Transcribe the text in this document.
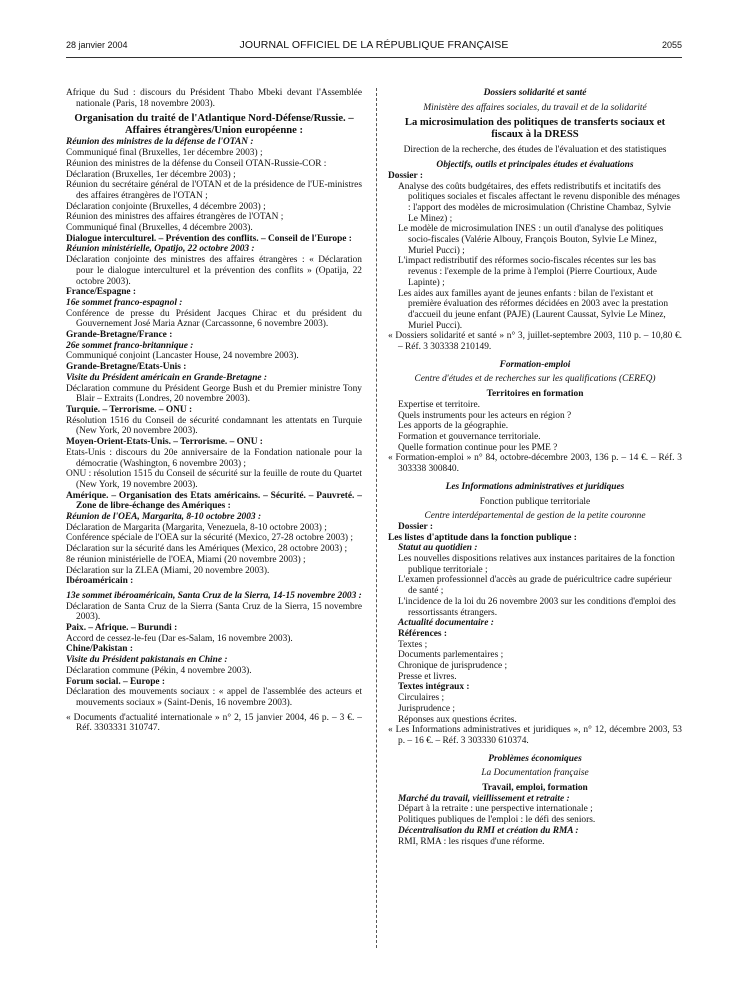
28 janvier 2004	JOURNAL OFFICIEL DE LA RÉPUBLIQUE FRANÇAISE	2055
Afrique du Sud : discours du Président Thabo Mbeki devant l'Assemblée nationale (Paris, 18 novembre 2003).
Organisation du traité de l'Atlantique Nord-Défense/Russie. – Affaires étrangères/Union européenne :
Réunion des ministres de la défense de l'OTAN :
Communiqué final (Bruxelles, 1er décembre 2003) ;
Réunion des ministres de la défense du Conseil OTAN-Russie-COR :
Déclaration (Bruxelles, 1er décembre 2003) ;
Réunion du secrétaire général de l'OTAN et de la présidence de l'UE-ministres des affaires étrangères de l'OTAN ;
Déclaration conjointe (Bruxelles, 4 décembre 2003) ;
Réunion des ministres des affaires étrangères de l'OTAN ;
Communiqué final (Bruxelles, 4 décembre 2003).
Dialogue interculturel. – Prévention des conflits. – Conseil de l'Europe :
Réunion ministérielle, Opatijo, 22 octobre 2003 :
Déclaration conjointe des ministres des affaires étrangères : « Déclaration pour le dialogue interculturel et la prévention des conflits » (Opatija, 22 octobre 2003).
France/Espagne :
16e sommet franco-espagnol :
Conférence de presse du Président Jacques Chirac et du président du Gouvernement José Maria Aznar (Carcassonne, 6 novembre 2003).
Grande-Bretagne/France :
26e sommet franco-britannique :
Communiqué conjoint (Lancaster House, 24 novembre 2003).
Grande-Bretagne/Etats-Unis :
Visite du Président américain en Grande-Bretagne :
Déclaration commune du Président George Bush et du Premier ministre Tony Blair – Extraits (Londres, 20 novembre 2003).
Turquie. – Terrorisme. – ONU :
Résolution 1516 du Conseil de sécurité condamnant les attentats en Turquie (New York, 20 novembre 2003).
Moyen-Orient-Etats-Unis. – Terrorisme. – ONU :
Etats-Unis : discours du 20e anniversaire de la Fondation nationale pour la démocratie (Washington, 6 novembre 2003) ;
ONU : résolution 1515 du Conseil de sécurité sur la feuille de route du Quartet (New York, 19 novembre 2003).
Amérique. – Organisation des Etats américains. – Sécurité. – Pauvreté. – Zone de libre-échange des Amériques :
Réunion de l'OEA, Margarita, 8-10 octobre 2003 :
Déclaration de Margarita (Margarita, Venezuela, 8-10 octobre 2003) ;
Conférence spéciale de l'OEA sur la sécurité (Mexico, 27-28 octobre 2003) ;
Déclaration sur la sécurité dans les Amériques (Mexico, 28 octobre 2003) ;
8e réunion ministérielle de l'OEA, Miami (20 novembre 2003) ;
Déclaration sur la ZLEA (Miami, 20 novembre 2003).
Ibéroaméricain :
13e sommet ibéroaméricain, Santa Cruz de la Sierra, 14-15 novembre 2003 :
Déclaration de Santa Cruz de la Sierra (Santa Cruz de la Sierra, 15 novembre 2003).
Paix. – Afrique. – Burundi :
Accord de cessez-le-feu (Dar es-Salam, 16 novembre 2003).
Chine/Pakistan :
Visite du Président pakistanais en Chine :
Déclaration commune (Pékin, 4 novembre 2003).
Forum social. – Europe :
Déclaration des mouvements sociaux : « appel de l'assemblée des acteurs et mouvements sociaux » (Saint-Denis, 16 novembre 2003).
« Documents d'actualité internationale » n° 2, 15 janvier 2004, 46 p. – 3 €. – Réf. 3303331 310747.
Dossiers solidarité et santé
Ministère des affaires sociales, du travail et de la solidarité
La microsimulation des politiques de transferts sociaux et fiscaux à la DRESS
Direction de la recherche, des études de l'évaluation et des statistiques
Objectifs, outils et principales études et évaluations
Dossier :
Analyse des coûts budgétaires, des effets redistributifs et incitatifs des politiques sociales et fiscales affectant le revenu disponible des ménages : l'apport des modèles de microsimulation (Christine Chambaz, Sylvie Le Minez) ;
Le modèle de microsimulation INES : un outil d'analyse des politiques socio-fiscales (Valérie Albouy, François Bouton, Sylvie Le Minez, Muriel Pucci) ;
L'impact redistributif des réformes socio-fiscales récentes sur les bas revenus : l'exemple de la prime à l'emploi (Pierre Courtioux, Aude Lapinte) ;
Les aides aux familles ayant de jeunes enfants : bilan de l'existant et première évaluation des réformes décidées en 2003 avec la prestation d'accueil du jeune enfant (PAJE) (Laurent Caussat, Sylvie Le Minez, Muriel Pucci).
« Dossiers solidarité et santé » n° 3, juillet-septembre 2003, 110 p. – 10,80 €. – Réf. 3 303338 210149.
Formation-emploi
Centre d'études et de recherches sur les qualifications (CEREQ)
Territoires en formation
Expertise et territoire.
Quels instruments pour les acteurs en région ?
Les apports de la géographie.
Formation et gouvernance territoriale.
Quelle formation continue pour les PME ?
« Formation-emploi » n° 84, octobre-décembre 2003, 136 p. – 14 €. – Réf. 3 303338 300840.
Les Informations administratives et juridiques
Fonction publique territoriale
Centre interdépartemental de gestion de la petite couronne
Dossier :
Les listes d'aptitude dans la fonction publique :
Statut au quotidien :
Les nouvelles dispositions relatives aux instances paritaires de la fonction publique territoriale ;
L'examen professionnel d'accès au grade de puéricultrice cadre supérieur de santé ;
L'incidence de la loi du 26 novembre 2003 sur les conditions d'emploi des ressortissants étrangers.
Actualité documentaire :
Références :
Textes ;
Documents parlementaires ;
Chronique de jurisprudence ;
Presse et livres.
Textes intégraux :
Circulaires ;
Jurisprudence ;
Réponses aux questions écrites.
« Les Informations administratives et juridiques », n° 12, décembre 2003, 53 p. – 16 €. – Réf. 3 303330 610374.
Problèmes économiques
La Documentation française
Travail, emploi, formation
Marché du travail, vieillissement et retraite :
Départ à la retraite : une perspective internationale ;
Politiques publiques de l'emploi : le défi des seniors.
Décentralisation du RMI et création du RMA :
RMI, RMA : les risques d'une réforme.
